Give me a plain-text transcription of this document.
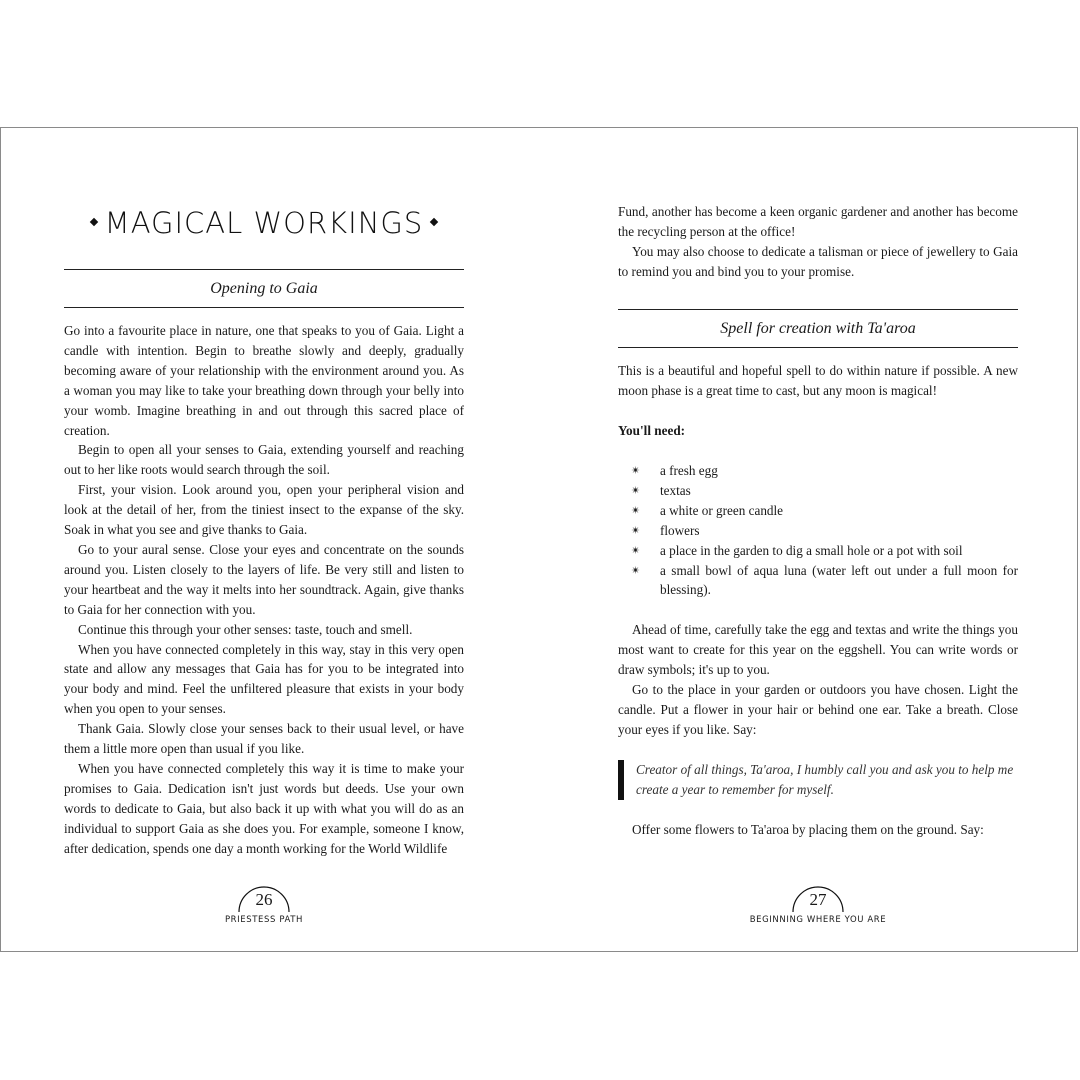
MAGICAL WORKINGS
Opening to Gaia

Go into a favourite place in nature, one that speaks to you of Gaia. Light a candle with intention. Begin to breathe slowly and deeply, gradually becoming aware of your relationship with the environment around you. As a woman you may like to take your breathing down through your belly into your womb. Imagine breathing in and out through this sacred place of creation.

Begin to open all your senses to Gaia, extending yourself and reaching out to her like roots would search through the soil.

First, your vision. Look around you, open your peripheral vision and look at the detail of her, from the tiniest insect to the expanse of the sky. Soak in what you see and give thanks to Gaia.

Go to your aural sense. Close your eyes and concentrate on the sounds around you. Listen closely to the layers of life. Be very still and listen to your heartbeat and the way it melts into her soundtrack. Again, give thanks to Gaia for her connection with you.

Continue this through your other senses: taste, touch and smell.

When you have connected completely in this way, stay in this very open state and allow any messages that Gaia has for you to be integrated into your body and mind. Feel the unfiltered pleasure that exists in your body when you open to your senses.

Thank Gaia. Slowly close your senses back to their usual level, or have them a little more open than usual if you like.

When you have connected completely this way it is time to make your promises to Gaia. Dedication isn't just words but deeds. Use your own words to dedicate to Gaia, but also back it up with what you will do as an individual to support Gaia as she does you. For example, someone I know, after dedication, spends one day a month working for the World Wildlife

26
PRIESTESS PATH

Fund, another has become a keen organic gardener and another has become the recycling person at the office!

You may also choose to dedicate a talisman or piece of jewellery to Gaia to remind you and bind you to your promise.

Spell for creation with Ta'aroa

This is a beautiful and hopeful spell to do within nature if possible. A new moon phase is a great time to cast, but any moon is magical!

You'll need:

✴ a fresh egg
✴ textas
✴ a white or green candle
✴ flowers
✴ a place in the garden to dig a small hole or a pot with soil
✴ a small bowl of aqua luna (water left out under a full moon for blessing).

Ahead of time, carefully take the egg and textas and write the things you most want to create for this year on the eggshell. You can write words or draw symbols; it's up to you.

Go to the place in your garden or outdoors you have chosen. Light the candle. Put a flower in your hair or behind one ear. Take a breath. Close your eyes if you like. Say:

Creator of all things, Ta'aroa, I humbly call you and ask you to help me create a year to remember for myself.

Offer some flowers to Ta'aroa by placing them on the ground. Say:

27
BEGINNING WHERE YOU ARE
